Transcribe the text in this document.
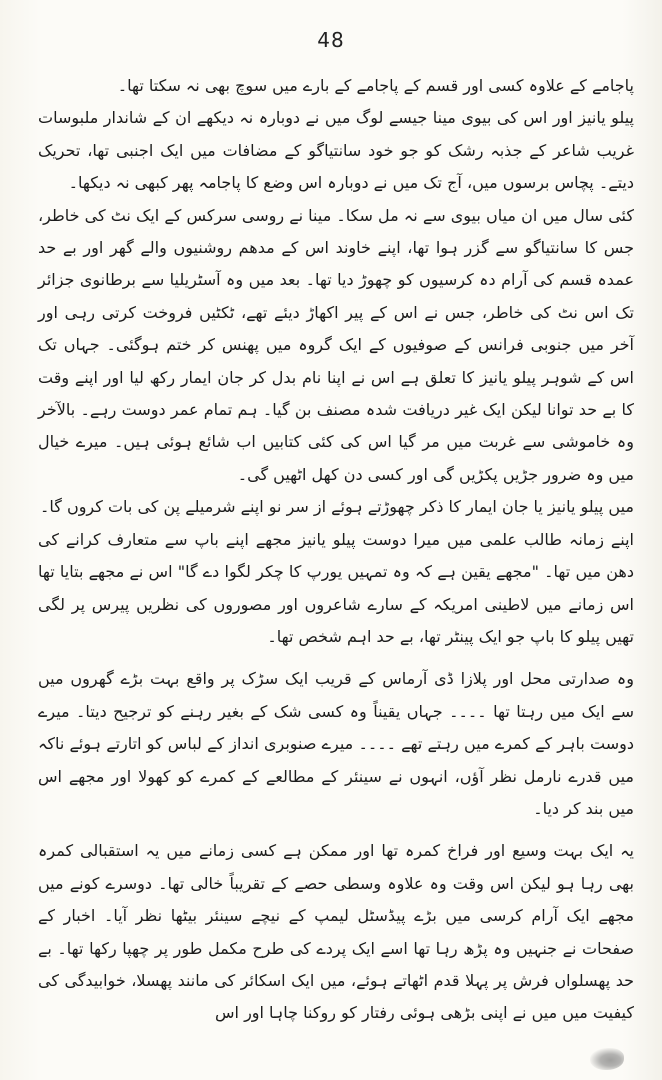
48

پاجامے کے علاوہ کسی اور قسم کے پاجامے کے بارے میں سوچ بھی نہ سکتا تھا۔

پیلو یانیز اور اس کی بیوی مینا جیسے لوگ میں نے دوبارہ نہ دیکھے ان کے شاندار ملبوسات غریب شاعر کے جذبہ رشک کو جو خود سانتیاگو کے مضافات میں ایک اجنبی تھا، تحریک دیتے۔ پچاس برسوں میں، آج تک میں نے دوبارہ اس وضع کا پاجامہ پھر کبھی نہ دیکھا۔

کئی سال میں ان میاں بیوی سے نہ مل سکا۔ مینا نے روسی سرکس کے ایک نٹ کی خاطر، جس کا سانتیاگو سے گزر ہوا تھا، اپنے خاوند اس کے مدھم روشنیوں والے گھر اور بے حد عمدہ قسم کی آرام دہ کرسیوں کو چھوڑ دیا تھا۔ بعد میں وہ آسٹریلیا سے برطانوی جزائر تک اس نٹ کی خاطر، جس نے اس کے پیر اکھاڑ دیئے تھے، ٹکٹیں فروخت کرتی رہی اور آخر میں جنوبی فرانس کے صوفیوں کے ایک گروہ میں پھنس کر ختم ہوگئی۔ جہاں تک اس کے شوہر پیلو یانیز کا تعلق ہے اس نے اپنا نام بدل کر جان ایمار رکھ لیا اور اپنے وقت کا بے حد توانا لیکن ایک غیر دریافت شدہ مصنف بن گیا۔ ہم تمام عمر دوست رہے۔ بالآخر وہ خاموشی سے غربت میں مر گیا اس کی کئی کتابیں اب شائع ہوئی ہیں۔ میرے خیال میں وہ ضرور جڑیں پکڑیں گی اور کسی دن کھل اٹھیں گی۔

میں پیلو یانیز یا جان ایمار کا ذکر چھوڑتے ہوئے از سر نو اپنے شرمیلے پن کی بات کروں گا۔

اپنے زمانہ طالب علمی میں میرا دوست پیلو یانیز مجھے اپنے باپ سے متعارف کرانے کی دھن میں تھا۔ "مجھے یقین ہے کہ وہ تمہیں یورپ کا چکر لگوا دے گا" اس نے مجھے بتایا تھا اس زمانے میں لاطینی امریکہ کے سارے شاعروں اور مصوروں کی نظریں پیرس پر لگی تھیں پیلو کا باپ جو ایک پینٹر تھا، بے حد اہم شخص تھا۔

وہ صدارتی محل اور پلازا ڈی آرماس کے قریب ایک سڑک پر واقع بہت بڑے گھروں میں سے ایک میں رہتا تھا ۔۔۔۔ جہاں یقیناً وہ کسی شک کے بغیر رہنے کو ترجیح دیتا۔ میرے دوست باہر کے کمرے میں رہتے تھے ۔۔۔۔ میرے صنوبری انداز کے لباس کو اتارتے ہوئے ناکہ میں قدرے نارمل نظر آؤں، انہوں نے سینئر کے مطالعے کے کمرے کو کھولا اور مجھے اس میں بند کر دیا۔

یہ ایک بہت وسیع اور فراخ کمرہ تھا اور ممکن ہے کسی زمانے میں یہ استقبالی کمرہ بھی رہا ہو لیکن اس وقت وہ علاوہ وسطی حصے کے تقریباً خالی تھا۔ دوسرے کونے میں مجھے ایک آرام کرسی میں بڑے پیڈسٹل لیمپ کے نیچے سینئر بیٹھا نظر آیا۔ اخبار کے صفحات نے جنہیں وہ پڑھ رہا تھا اسے ایک پردے کی طرح مکمل طور پر چھپا رکھا تھا۔ بے حد پھسلواں فرش پر پہلا قدم اٹھاتے ہوئے، میں ایک اسکائر کی مانند پھسلا، خوابیدگی کی کیفیت میں میں نے اپنی بڑھی ہوئی رفتار کو روکنا چاہا اور اس
